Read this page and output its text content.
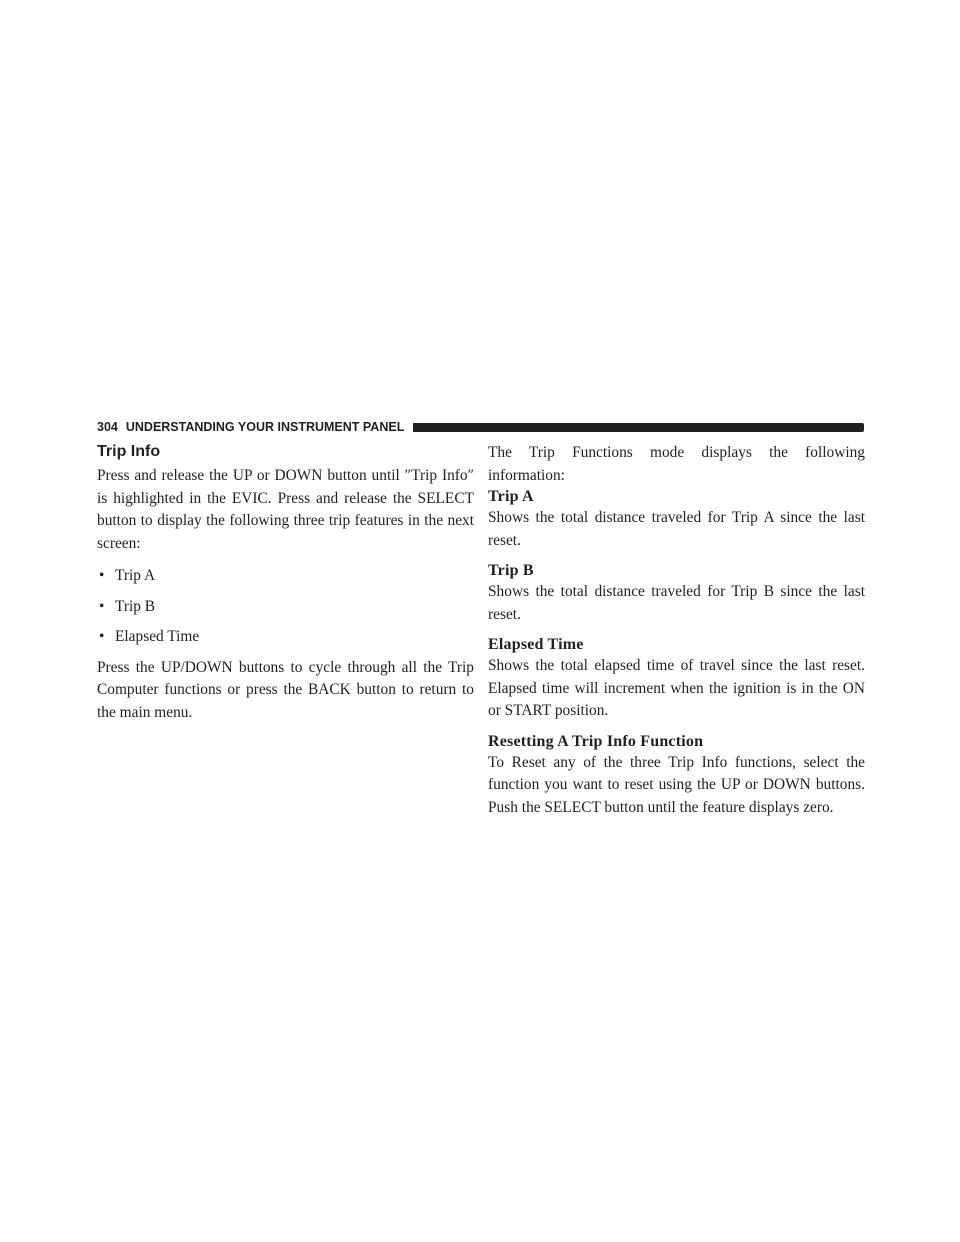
304 UNDERSTANDING YOUR INSTRUMENT PANEL
Trip Info

Press and release the UP or DOWN button until ″Trip Info″ is highlighted in the EVIC. Press and release the SELECT button to display the following three trip features in the next screen:

• Trip A
• Trip B
• Elapsed Time

Press the UP/DOWN buttons to cycle through all the Trip Computer functions or press the BACK button to return to the main menu.

The Trip Functions mode displays the following information:

Trip A

Shows the total distance traveled for Trip A since the last reset.

Trip B

Shows the total distance traveled for Trip B since the last reset.

Elapsed Time

Shows the total elapsed time of travel since the last reset. Elapsed time will increment when the ignition is in the ON or START position.

Resetting A Trip Info Function

To Reset any of the three Trip Info functions, select the function you want to reset using the UP or DOWN buttons. Push the SELECT button until the feature displays zero.
